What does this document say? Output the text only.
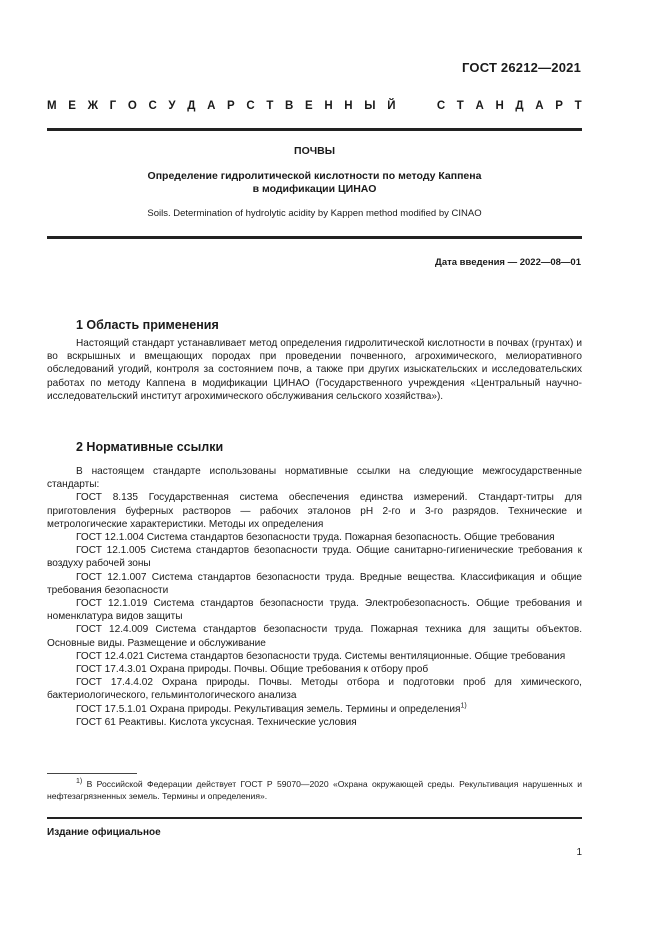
ГОСТ 26212—2021
М Е Ж Г О С У Д А Р С Т В Е Н Н Ы Й

	С Т А Н Д А Р Т
ПОЧВЫ
Определение гидролитической кислотности по методу Каппена
в модификации ЦИНАО
Soils. Determination of hydrolytic acidity by Kappen method modified by CINAO
Дата введения — 2022—08—01
1 Область применения
Настоящий стандарт устанавливает метод определения гидролитической кислотности в почвах (грунтах) и во вскрышных и вмещающих породах при проведении почвенного, агрохимического, мелиоративного обследований угодий, контроля за состоянием почв, а также при других изыскательских и исследовательских работах по методу Каппена в модификации ЦИНАО (Государственного учреждения «Центральный научно-исследовательский институт агрохимического обслуживания сельского хозяйства»).
2 Нормативные ссылки

В настоящем стандарте использованы нормативные ссылки на следующие межгосударственные стандарты:

ГОСТ 8.135 Государственная система обеспечения единства измерений. Стандарт-титры для приготовления буферных растворов — рабочих эталонов pH 2-го и 3-го разрядов. Технические и метрологические характеристики. Методы их определения

ГОСТ 12.1.004 Система стандартов безопасности труда. Пожарная безопасность. Общие требования

ГОСТ 12.1.005 Система стандартов безопасности труда. Общие санитарно-гигиенические требования к воздуху рабочей зоны

ГОСТ 12.1.007 Система стандартов безопасности труда. Вредные вещества. Классификация и общие требования безопасности

ГОСТ 12.1.019 Система стандартов безопасности труда. Электробезопасность. Общие требования и номенклатура видов защиты

ГОСТ 12.4.009 Система стандартов безопасности труда. Пожарная техника для защиты объектов. Основные виды. Размещение и обслуживание

ГОСТ 12.4.021 Система стандартов безопасности труда. Системы вентиляционные. Общие требования

ГОСТ 17.4.3.01 Охрана природы. Почвы. Общие требования к отбору проб

ГОСТ 17.4.4.02 Охрана природы. Почвы. Методы отбора и подготовки проб для химического, бактериологического, гельминтологического анализа

ГОСТ 17.5.1.01 Охрана природы. Рекультивация земель. Термины и определения$^{1)}$

ГОСТ 61 Реактивы. Кислота уксусная. Технические условия

$^{1)}$ В Российской Федерации действует ГОСТ Р 59070—2020 «Охрана окружающей среды. Рекультивация нарушенных и нефтезагрязненных земель. Термины и определения».
Издание официальное
1
